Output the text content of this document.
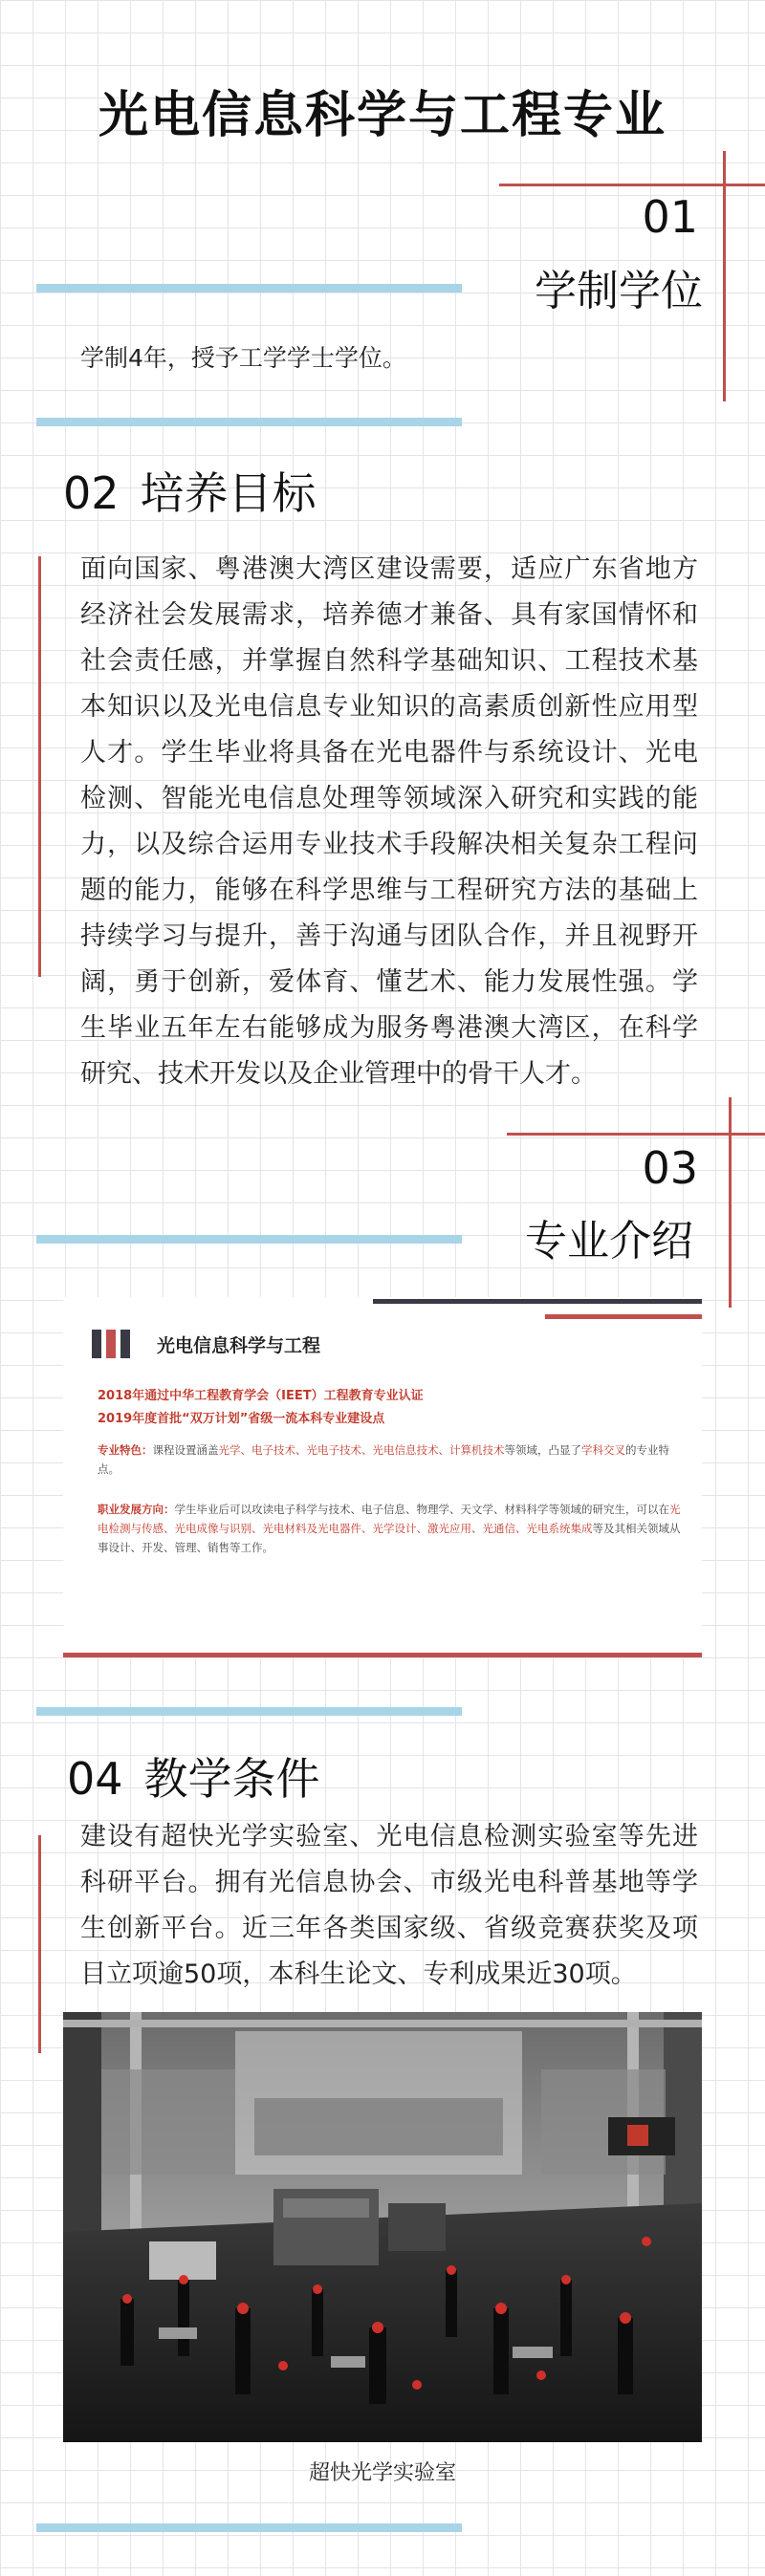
光电信息科学与工程专业
01
学制学位
学制4年，授予工学学士学位。
02 培养目标
面向国家、粤港澳大湾区建设需要，适应广东省地方经济社会发展需求，培养德才兼备、具有家国情怀和社会责任感，并掌握自然科学基础知识、工程技术基本知识以及光电信息专业知识的高素质创新性应用型人才。学生毕业将具备在光电器件与系统设计、光电检测、智能光电信息处理等领域深入研究和实践的能力，以及综合运用专业技术手段解决相关复杂工程问题的能力，能够在科学思维与工程研究方法的基础上持续学习与提升，善于沟通与团队合作，并且视野开阔，勇于创新，爱体育、懂艺术、能力发展性强。学生毕业五年左右能够成为服务粤港澳大湾区，在科学研究、技术开发以及企业管理中的骨干人才。
03
专业介绍
光电信息科学与工程
2018年通过中华工程教育学会（IEET）工程教育专业认证
2019年度首批“双万计划”省级一流本科专业建设点
专业特色：课程设置涵盖光学、电子技术、光电子技术、光电信息技术、计算机技术等领域，凸显了学科交叉的专业特点。
职业发展方向：学生毕业后可以攻读电子科学与技术、电子信息、物理学、天文学、材料科学等领域的研究生，可以在光电检测与传感、光电成像与识别、光电材料及光电器件、光学设计、激光应用、光通信、光电系统集成等及其相关领域从事设计、开发、管理、销售等工作。
04 教学条件
建设有超快光学实验室、光电信息检测实验室等先进科研平台。拥有光信息协会、市级光电科普基地等学生创新平台。近三年各类国家级、省级竞赛获奖及项目立项逾50项，本科生论文、专利成果近30项。
超快光学实验室
